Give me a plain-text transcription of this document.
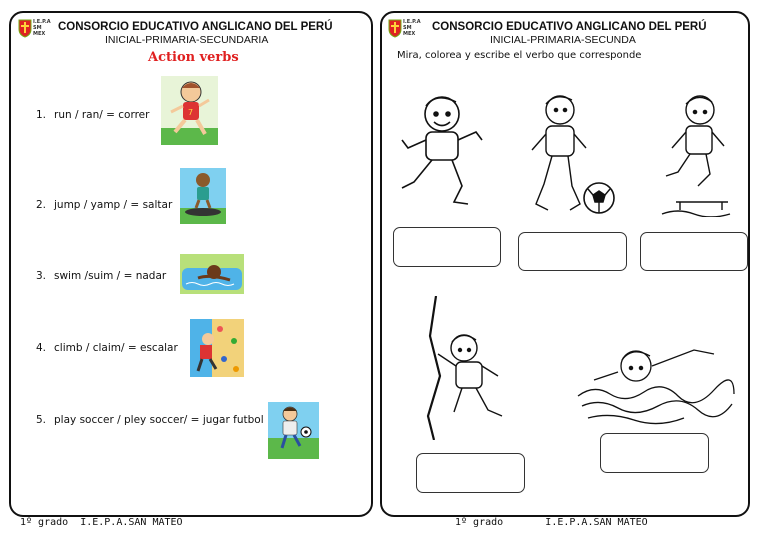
I.E.P.A
SM MEX
CONSORCIO EDUCATIVO ANGLICANO DEL PERÚ
INICIAL-PRIMARIA-SECUNDARIA
Action verbs
1. run / ran/ = correr
2. jump / yamp / = saltar
3. swim /suim / = nadar
4. climb / claim/ = escalar
5. play soccer / pley soccer/ = jugar futbol
7
I.E.P.A
SM MEX
CONSORCIO EDUCATIVO ANGLICANO DEL PERÚ
INICIAL-PRIMARIA-SECUNDA
Mira, colorea y escribe el verbo que corresponde
1º grado  I.E.P.A.SAN MATEO	1º grado       I.E.P.A.SAN MATEO
